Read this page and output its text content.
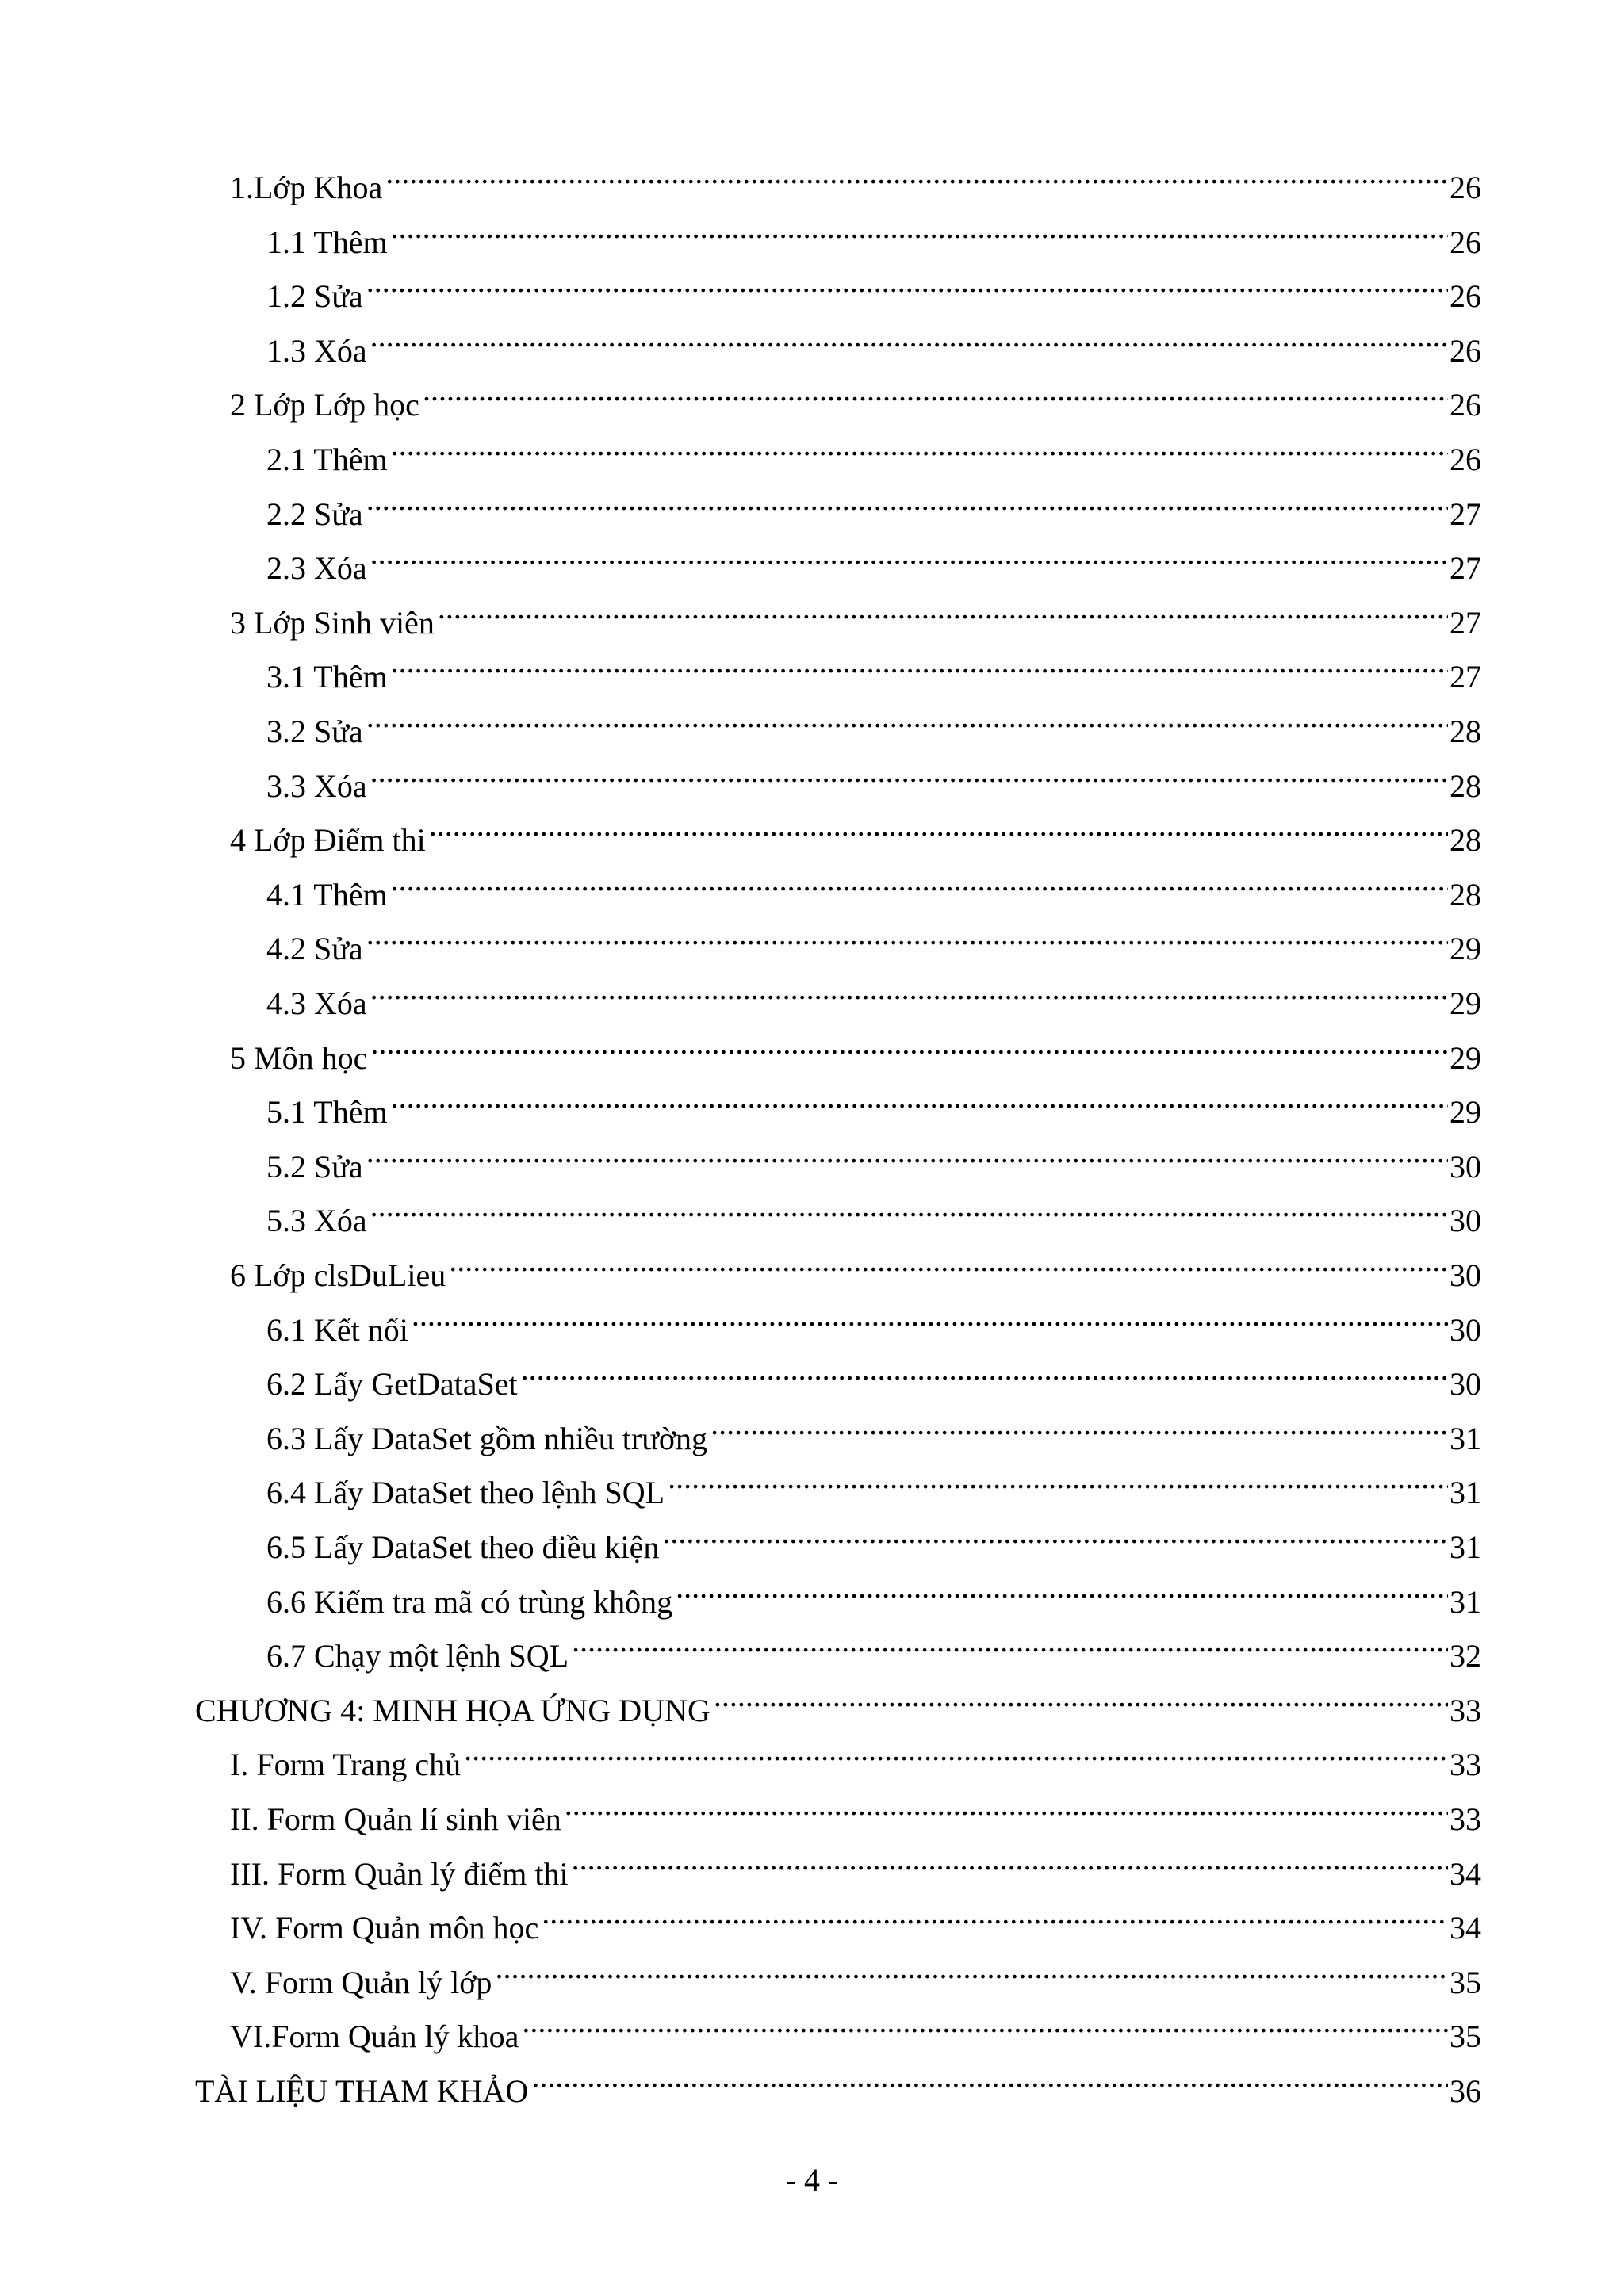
1.Lớp Khoa .....	26
1.1 Thêm .....	26
1.2 Sửa .....	26
1.3 Xóa .....	26
2 Lớp Lớp học .....	26
2.1 Thêm .....	26
2.2 Sửa .....	27
2.3 Xóa .....	27
3 Lớp Sinh viên .....	27
3.1 Thêm .....	27
3.2 Sửa .....	28
3.3 Xóa .....	28
4 Lớp Điểm thi .....	28
4.1 Thêm .....	28
4.2 Sửa .....	29
4.3 Xóa .....	29
5 Môn học .....	29
5.1 Thêm .....	29
5.2 Sửa .....	30
5.3 Xóa .....	30
6 Lớp clsDuLieu .....	30
6.1 Kết nối .....	30
6.2 Lấy GetDataSet .....	30
6.3 Lấy DataSet gồm nhiều trường .....	31
6.4 Lấy DataSet theo lệnh SQL .....	31
6.5 Lấy DataSet theo điều kiện .....	31
6.6 Kiểm tra mã có trùng không .....	31
6.7 Chạy một lệnh SQL .....	32
CHƯƠNG 4: MINH HỌA ỨNG DỤNG .....	33
I. Form Trang chủ .....	33
II. Form Quản lí sinh viên .....	33
III. Form Quản lý điểm thi .....	34
IV. Form Quản môn học .....	34
V. Form Quản lý lớp .....	35
VI.Form Quản lý khoa .....	35
TÀI LIỆU THAM KHẢO .....	36
- 4 -
